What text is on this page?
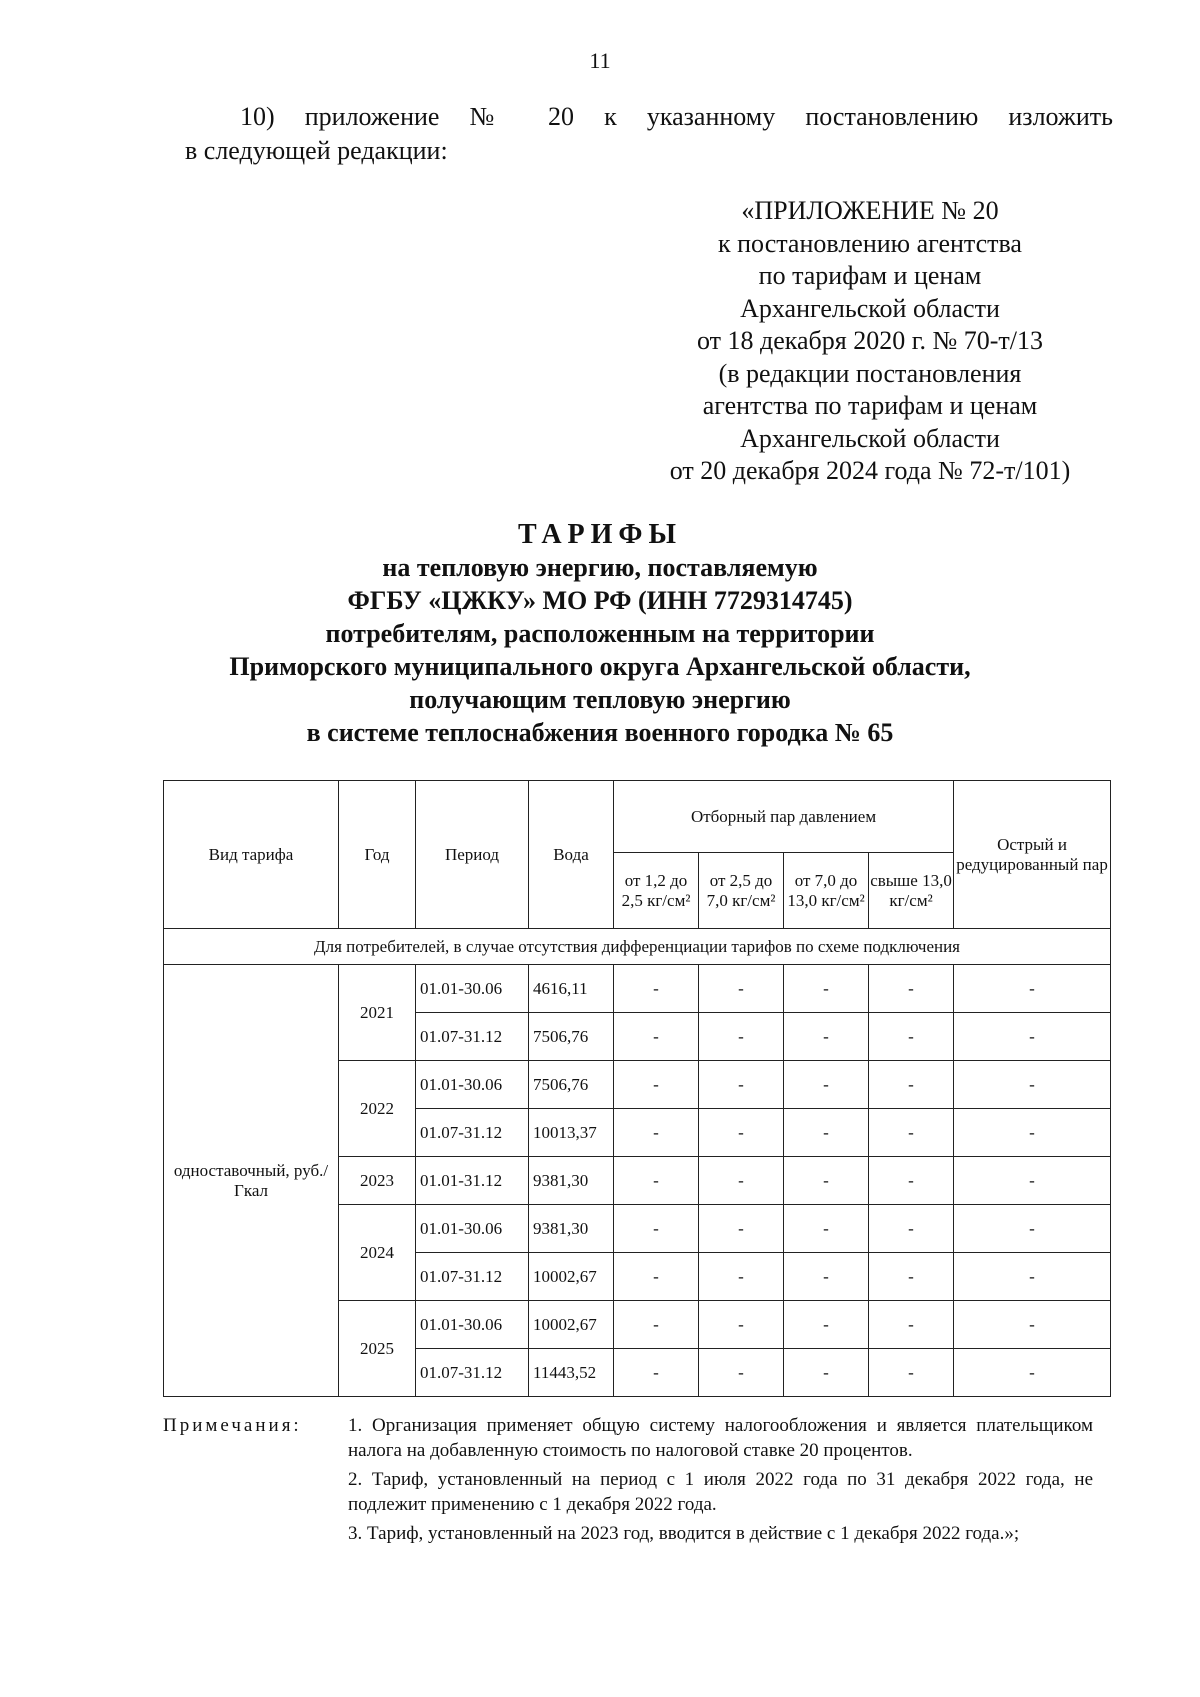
11
10) приложение № 20 к указанному постановлению изложить
в следующей редакции:
«ПРИЛОЖЕНИЕ № 20
к постановлению агентства
по тарифам и ценам
Архангельской области
от 18 декабря 2020 г. № 70-т/13
(в редакции постановления
агентства по тарифам и ценам
Архангельской области
от 20 декабря 2024 года № 72-т/101)
ТАРИФЫ
на тепловую энергию, поставляемую
ФГБУ «ЦЖКУ» МО РФ (ИНН 7729314745)
потребителям, расположенным на территории
Приморского муниципального округа Архангельской области,
получающим тепловую энергию
в системе теплоснабжения военного городка № 65
Вид тарифа	Год	Период	Вода	Отборный пар давлением				Острый и редуцированный пар
				от 1,2 до 2,5 кг/см²	от 2,5 до 7,0 кг/см²	от 7,0 до 13,0 кг/см²	свыше 13,0 кг/см²	
Для потребителей, в случае отсутствия дифференциации тарифов по схеме подключения								
одноставочный, руб./Гкал	2021	01.01-30.06	4616,11	-	-	-	-	-
		01.07-31.12	7506,76	-	-	-	-	-
	2022	01.01-30.06	7506,76	-	-	-	-	-
		01.07-31.12	10013,37	-	-	-	-	-
	2023	01.01-31.12	9381,30	-	-	-	-	-
	2024	01.01-30.06	9381,30	-	-	-	-	-
		01.07-31.12	10002,67	-	-	-	-	-
	2025	01.01-30.06	10002,67	-	-	-	-	-
		01.07-31.12	11443,52	-	-	-	-	-
Примечания: 1. Организация применяет общую систему налогообложения и является плательщиком налога на добавленную стоимость по налоговой ставке 20 процентов.

2. Тариф, установленный на период с 1 июля 2022 года по 31 декабря 2022 года, не подлежит применению с 1 декабря 2022 года.

3. Тариф, установленный на 2023 год, вводится в действие с 1 декабря 2022 года.»;
